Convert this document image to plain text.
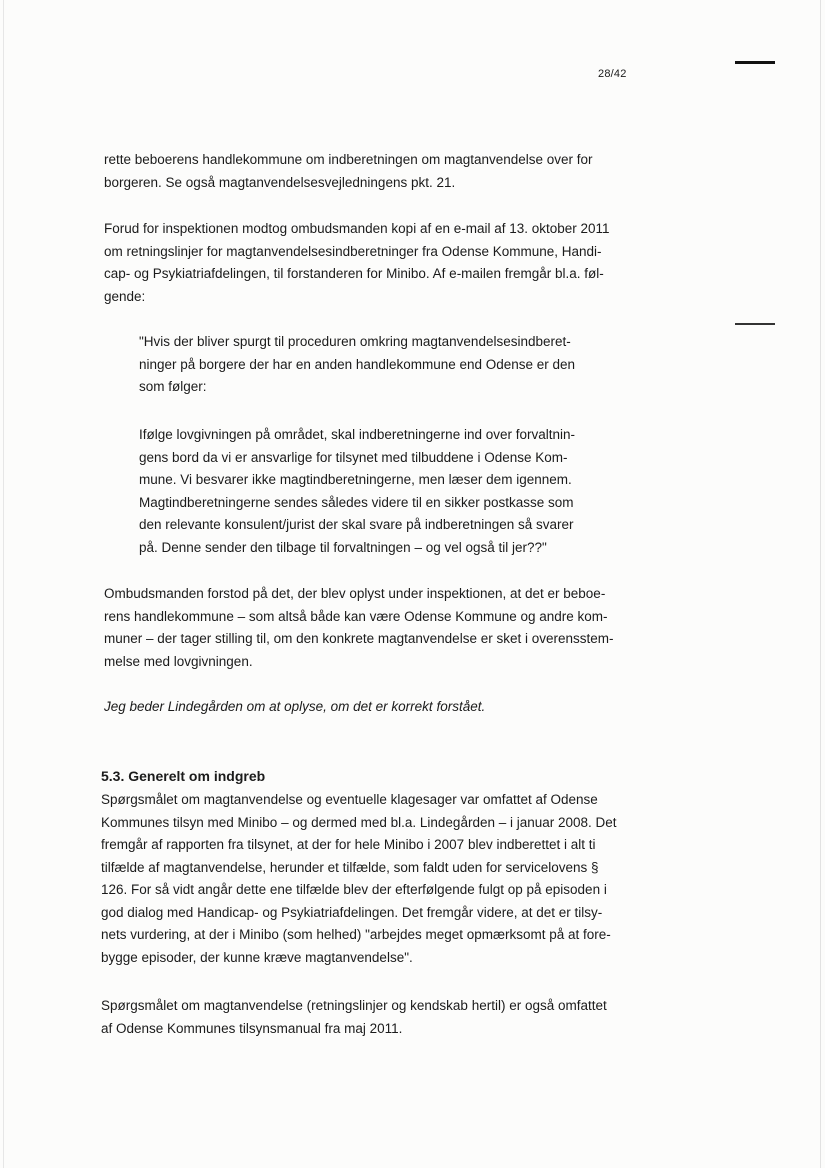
28/42
rette beboerens handlekommune om indberetningen om magtanvendelse over for
borgeren. Se også magtanvendelsesvejledningens pkt. 21.
Forud for inspektionen modtog ombudsmanden kopi af en e-mail af 13. oktober 2011
om retningslinjer for magtanvendelsesindberetninger fra Odense Kommune, Handi-
cap- og Psykiatriafdelingen, til forstanderen for Minibo. Af e-mailen fremgår bl.a. føl-
gende:
"Hvis der bliver spurgt til proceduren omkring magtanvendelsesindberet-
ninger på borgere der har en anden handlekommune end Odense er den
som følger:
Ifølge lovgivningen på området, skal indberetningerne ind over forvaltnin-
gens bord da vi er ansvarlige for tilsynet med tilbuddene i Odense Kom-
mune. Vi besvarer ikke magtindberetningerne, men læser dem igennem.
Magtindberetningerne sendes således videre til en sikker postkasse som
den relevante konsulent/jurist der skal svare på indberetningen så svarer
på. Denne sender den tilbage til forvaltningen – og vel også til jer??"
Ombudsmanden forstod på det, der blev oplyst under inspektionen, at det er beboe-
rens handlekommune – som altså både kan være Odense Kommune og andre kom-
muner – der tager stilling til, om den konkrete magtanvendelse er sket i overensstem-
melse med lovgivningen.
Jeg beder Lindegården om at oplyse, om det er korrekt forstået.
5.3. Generelt om indgreb
Spørgsmålet om magtanvendelse og eventuelle klagesager var omfattet af Odense
Kommunes tilsyn med Minibo – og dermed med bl.a. Lindegården – i januar 2008. Det
fremgår af rapporten fra tilsynet, at der for hele Minibo i 2007 blev indberettet i alt ti
tilfælde af magtanvendelse, herunder et tilfælde, som faldt uden for servicelovens §
126. For så vidt angår dette ene tilfælde blev der efterfølgende fulgt op på episoden i
god dialog med Handicap- og Psykiatriafdelingen. Det fremgår videre, at det er tilsy-
nets vurdering, at der i Minibo (som helhed) "arbejdes meget opmærksomt på at fore-
bygge episoder, der kunne kræve magtanvendelse".
Spørgsmålet om magtanvendelse (retningslinjer og kendskab hertil) er også omfattet
af Odense Kommunes tilsynsmanual fra maj 2011.
